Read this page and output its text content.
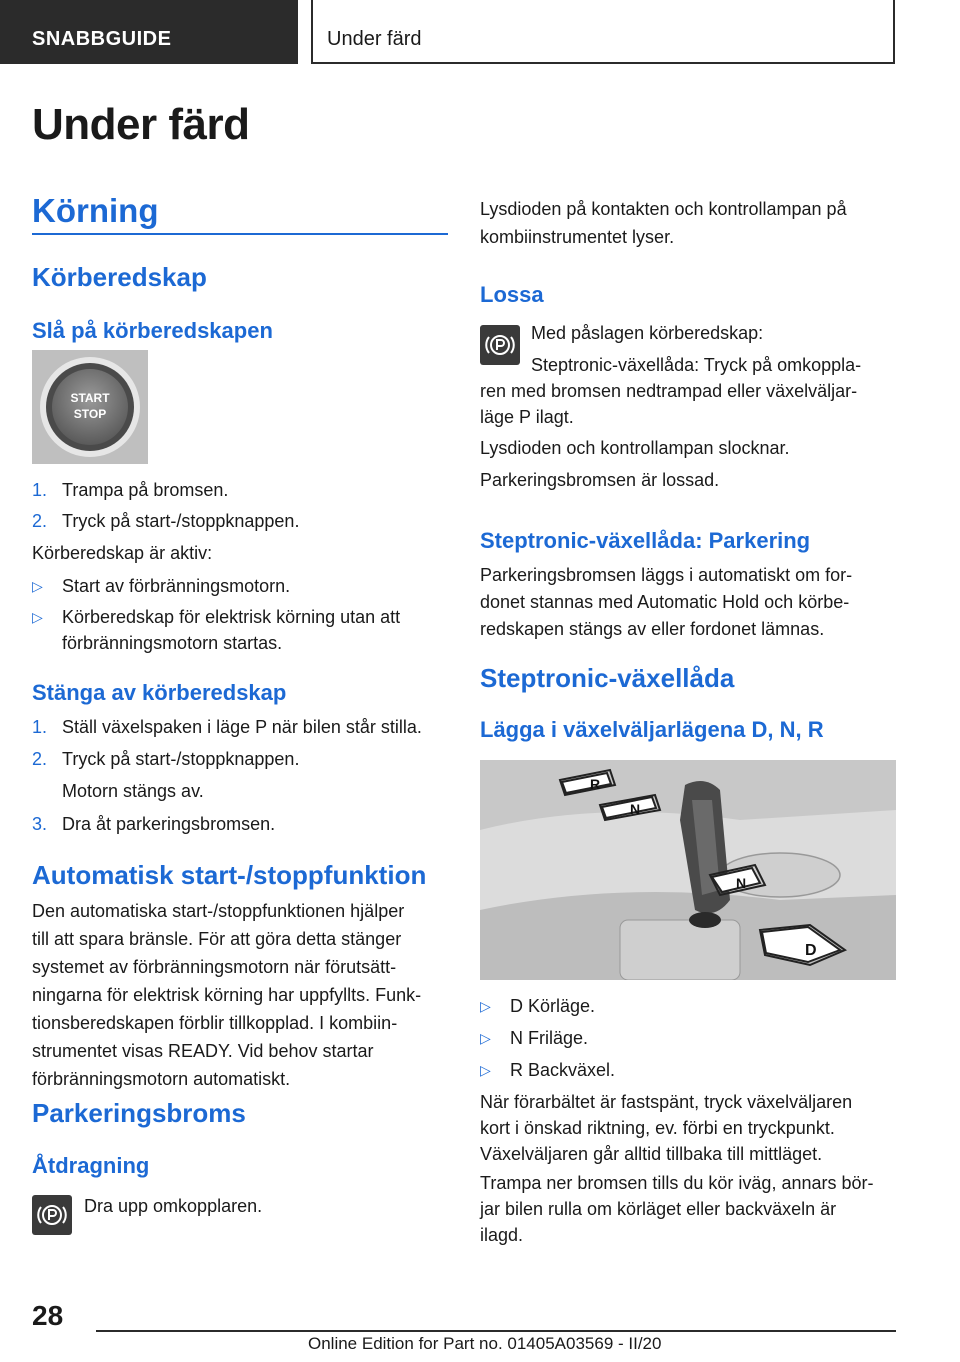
SNABBGUIDE	Under färd
Under färd
Körning
Körberedskap
Slå på körberedskapen
START
STOP
1. Trampa på bromsen.
2. Tryck på start-/stoppknappen.

Körberedskap är aktiv:

▷ Start av förbränningsmotorn.
▷ Körberedskap för elektrisk körning utan att
förbränningsmotorn startas.
Stänga av körberedskap
1. Ställ växelspaken i läge P när bilen står stilla.
2. Tryck på start-/stoppknappen.
Motorn stängs av.
3. Dra åt parkeringsbromsen.
Automatisk start-/stoppfunktion

Den automatiska start-/stoppfunktionen hjälper

till att spara bränsle. För att göra detta stänger

systemet av förbränningsmotorn när förutsätt-

ningarna för elektrisk körning har uppfyllts. Funk-

tionsberedskapen förblir tillkopplad. I kombiin-

strumentet visas READY. Vid behov startar

förbränningsmotorn automatiskt.

Parkeringsbroms
Åtdragning

Dra upp omkopplaren.

Lysdioden på kontakten och kontrollampan på

kombiinstrumentet lyser.

Lossa

Med påslagen körberedskap:

Steptronic-växellåda: Tryck på omkoppla-

ren med bromsen nedtrampad eller växelväljar-

läge P ilagt.

Lysdioden och kontrollampan slocknar.

Parkeringsbromsen är lossad.

Steptronic-växellåda: Parkering

Parkeringsbromsen läggs i automatiskt om for-

donet stannas med Automatic Hold och körbe-

redskapen stängs av eller fordonet lämnas.

Steptronic-växellåda
Lägga i växelväljarlägena D, N, R
R
N
N
D
▷ D Körläge.
▷ N Friläge.
▷ R Backväxel.

När förarbältet är fastspänt, tryck växelväljaren

kort i önskad riktning, ev. förbi en tryckpunkt.

Växelväljaren går alltid tillbaka till mittläget.

Trampa ner bromsen tills du kör iväg, annars bör-

jar bilen rulla om körläget eller backväxeln är

ilagd.

28
Online Edition for Part no. 01405A03569 - II/20
